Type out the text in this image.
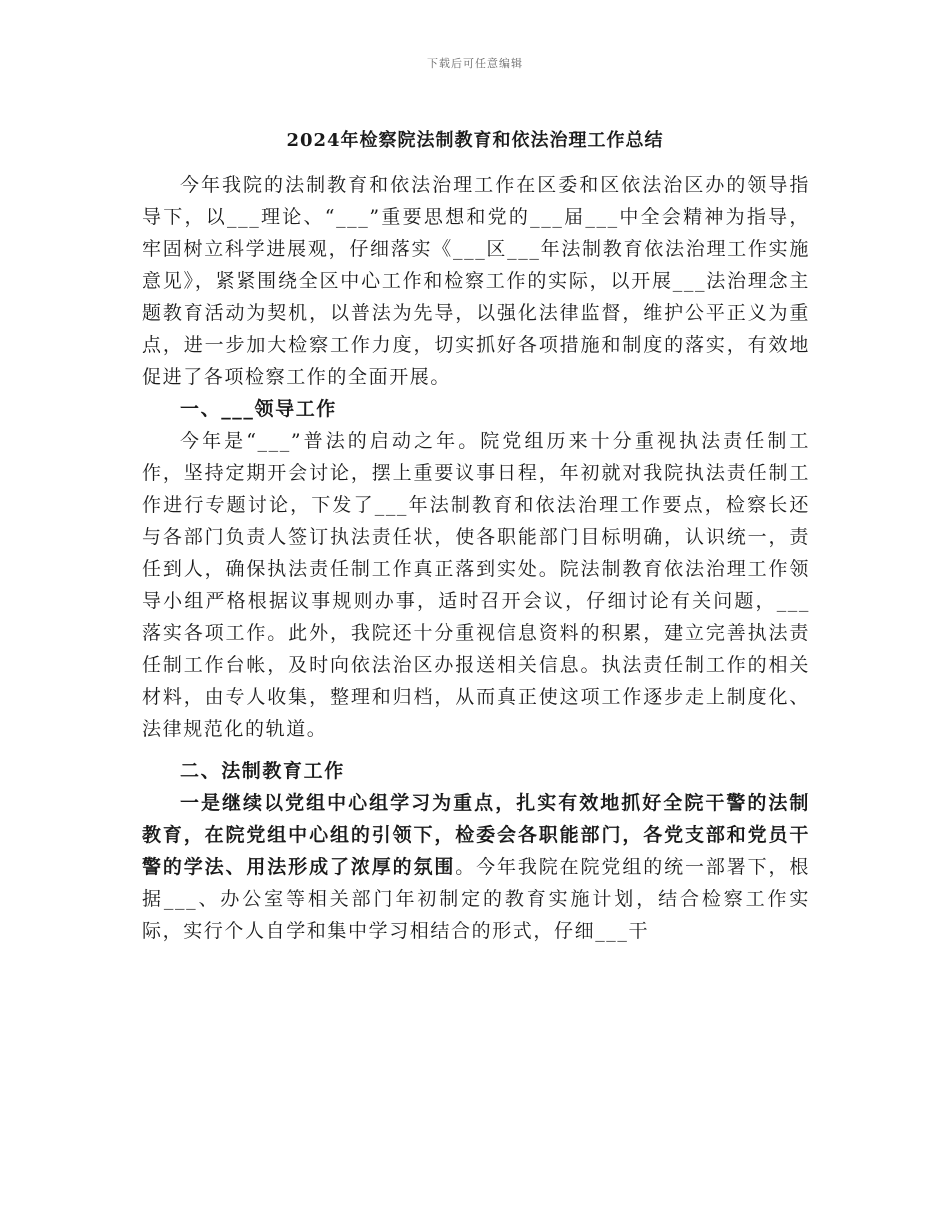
下载后可任意编辑
2024年检察院法制教育和依法治理工作总结

今年我院的法制教育和依法治理工作在区委和区依法治区办的领导指导下，以___理论、“___”重要思想和党的___届___中全会精神为指导，牢固树立科学进展观，仔细落实《___区___年法制教育依法治理工作实施意见》，紧紧围绕全区中心工作和检察工作的实际，以开展___法治理念主题教育活动为契机，以普法为先导，以强化法律监督，维护公平正义为重点，进一步加大检察工作力度，切实抓好各项措施和制度的落实，有效地促进了各项检察工作的全面开展。

一、___领导工作

今年是“___”普法的启动之年。院党组历来十分重视执法责任制工作，坚持定期开会讨论，摆上重要议事日程，年初就对我院执法责任制工作进行专题讨论，下发了___年法制教育和依法治理工作要点，检察长还与各部门负责人签订执法责任状，使各职能部门目标明确，认识统一，责任到人，确保执法责任制工作真正落到实处。院法制教育依法治理工作领导小组严格根据议事规则办事，适时召开会议，仔细讨论有关问题，___落实各项工作。此外，我院还十分重视信息资料的积累，建立完善执法责任制工作台帐，及时向依法治区办报送相关信息。执法责任制工作的相关材料，由专人收集，整理和归档，从而真正使这项工作逐步走上制度化、法律规范化的轨道。

二、法制教育工作

一是继续以党组中心组学习为重点，扎实有效地抓好全院干警的法制教育，在院党组中心组的引领下，检委会各职能部门，各党支部和党员干警的学法、用法形成了浓厚的氛围。今年我院在院党组的统一部署下，根据___、办公室等相关部门年初制定的教育实施计划，结合检察工作实际，实行个人自学和集中学习相结合的形式，仔细___干
